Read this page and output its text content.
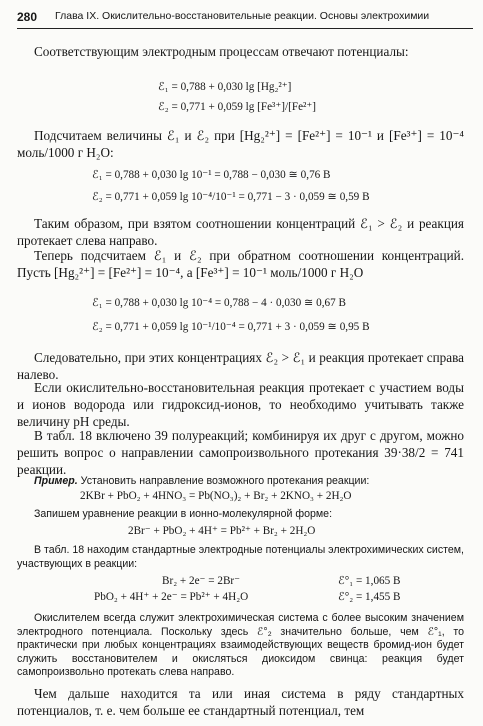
280 Глава IX. Окислительно-восстановительные реакции. Основы электрохимии
Соответствующим электродным процессам отвечают потенциалы:
ℰ₁ = 0,788 + 0,030 lg [Hg₂²⁺]
ℰ₂ = 0,771 + 0,059 lg [Fe³⁺]/[Fe²⁺]
Подсчитаем величины ℰ₁ и ℰ₂ при [Hg₂²⁺] = [Fe²⁺] = 10⁻¹ и [Fe³⁺] = 10⁻⁴ моль/1000 г H₂O:
ℰ₁ = 0,788 + 0,030 lg 10⁻¹ = 0,788 − 0,030 ≅ 0,76 В
ℰ₂ = 0,771 + 0,059 lg 10⁻⁴/10⁻¹ = 0,771 − 3 · 0,059 ≅ 0,59 В
Таким образом, при взятом соотношении концентраций ℰ₁ > ℰ₂ и реакция протекает слева направо.
Теперь подсчитаем ℰ₁ и ℰ₂ при обратном соотношении концентраций. Пусть [Hg₂²⁺] = [Fe²⁺] = 10⁻⁴, а [Fe³⁺] = 10⁻¹ моль/1000 г H₂O
ℰ₁ = 0,788 + 0,030 lg 10⁻⁴ = 0,788 − 4 · 0,030 ≅ 0,67 В
ℰ₂ = 0,771 + 0,059 lg 10⁻¹/10⁻⁴ = 0,771 + 3 · 0,059 ≅ 0,95 В
Следовательно, при этих концентрациях ℰ₂ > ℰ₁ и реакция протекает справа налево.
Если окислительно-восстановительная реакция протекает с участием воды и ионов водорода или гидроксид-ионов, то необходимо учитывать также величину pH среды.
В табл. 18 включено 39 полуреакций; комбинируя их друг с другом, можно решить вопрос о направлении самопроизвольного протекания 39·38/2 = 741 реакции.
Пример. Установить направление возможного протекания реакции:
2KBr + PbO₂ + 4HNO₃ = Pb(NO₃)₂ + Br₂ + 2KNO₃ + 2H₂O
Запишем уравнение реакции в ионно-молекулярной форме:
2Br⁻ + PbO₂ + 4H⁺ = Pb²⁺ + Br₂ + 2H₂O
В табл. 18 находим стандартные электродные потенциалы электрохимических систем, участвующих в реакции:
Br₂ + 2e⁻ = 2Br⁻	ℰ°₁ = 1,065 В
PbO₂ + 4H⁺ + 2e⁻ = Pb²⁺ + 4H₂O	ℰ°₂ = 1,455 В
Окислителем всегда служит электрохимическая система с более высоким значением электродного потенциала. Поскольку здесь ℰ°₂ значительно больше, чем ℰ°₁, то практически при любых концентрациях взаимодействующих веществ бромид-ион будет служить восстановителем и окисляться диоксидом свинца: реакция будет самопроизвольно протекать слева направо.
Чем дальше находится та или иная система в ряду стандартных потенциалов, т. е. чем больше ее стандартный потенциал, тем
